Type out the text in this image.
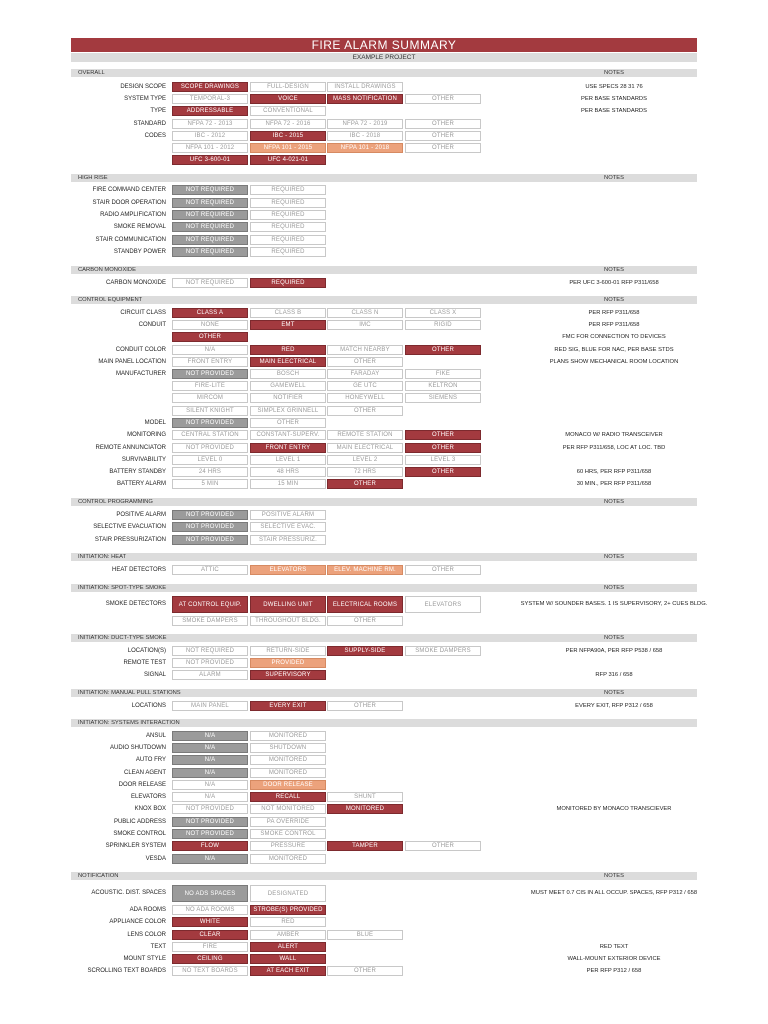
FIRE ALARM SUMMARY
EXAMPLE PROJECT
OVERALL	NOTES
DESIGN SCOPE	SCOPE DRAWINGS	FULL-DESIGN	INSTALL DRAWINGS	USE SPECS 28 31 76
SYSTEM TYPE	TEMPORAL-3	VOICE	MASS NOTIFICATION	OTHER	PER BASE STANDARDS
TYPE	ADDRESSABLE	CONVENTIONAL	PER BASE STANDARDS
STANDARD	NFPA 72 - 2013	NFPA 72 - 2016	NFPA 72 - 2019	OTHER
CODES	IBC - 2012	IBC - 2015	IBC - 2018	OTHER
NFPA 101 - 2012	NFPA 101 - 2015	NFPA 101 - 2018	OTHER
UFC 3-600-01	UFC 4-021-01
HIGH RISE	NOTES
FIRE COMMAND CENTER	NOT REQUIRED	REQUIRED
STAIR DOOR OPERATION	NOT REQUIRED	REQUIRED
RADIO AMPLIFICATION	NOT REQUIRED	REQUIRED
SMOKE REMOVAL	NOT REQUIRED	REQUIRED
STAIR COMMUNICATION	NOT REQUIRED	REQUIRED
STANDBY POWER	NOT REQUIRED	REQUIRED
CARBON MONOXIDE	NOTES
CARBON MONOXIDE	NOT REQUIRED	REQUIRED	PER UFC 3-600-01 RFP P311/658
CONTROL EQUIPMENT	NOTES
CIRCUIT CLASS	CLASS A	CLASS B	CLASS N	CLASS X	PER RFP P311/658
CONDUIT	NONE	EMT	IMC	RIGID	PER RFP P311/658
OTHER	FMC FOR CONNECTION TO DEVICES
CONDUIT COLOR	N/A	RED	MATCH NEARBY	OTHER	RED SIG, BLUE FOR NAC, PER BASE STDS
MAIN PANEL LOCATION	FRONT ENTRY	MAIN ELECTRICAL	OTHER	PLANS SHOW MECHANICAL ROOM LOCATION
MANUFACTURER	NOT PROVIDED	BOSCH	FARADAY	FIKE
FIRE-LITE	GAMEWELL	GE UTC	KELTRON
MIRCOM	NOTIFIER	HONEYWELL	SIEMENS
SILENT KNIGHT	SIMPLEX GRINNELL	OTHER
MODEL	NOT PROVIDED	OTHER
MONITORING	CENTRAL STATION	CONSTANT-SUPERV.	REMOTE STATION	OTHER	MONACO W/ RADIO TRANSCEIVER
REMOTE ANNUNCIATOR	NOT PROVIDED	FRONT ENTRY	MAIN ELECTRICAL	OTHER	PER RFP P311/658, LOC AT LOC. TBD
SURVIVABILITY	LEVEL 0	LEVEL 1	LEVEL 2	LEVEL 3
BATTERY STANDBY	24 HRS	48 HRS	72 HRS	OTHER	60 HRS, PER RFP P311/658
BATTERY ALARM	5 MIN	15 MIN	OTHER	30 MIN., PER RFP P311/658
CONTROL PROGRAMMING	NOTES
POSITIVE ALARM	NOT PROVIDED	POSITIVE ALARM
SELECTIVE EVACUATION	NOT PROVIDED	SELECTIVE EVAC.
STAIR PRESSURIZATION	NOT PROVIDED	STAIR PRESSURIZ.
INITIATION: HEAT	NOTES
HEAT DETECTORS	ATTIC	ELEVATORS	ELEV. MACHINE RM.	OTHER
INITIATION: SPOT-TYPE SMOKE	NOTES
SMOKE DETECTORS	AT CONTROL EQUIP.	DWELLING UNIT	ELECTRICAL ROOMS	ELEVATORS	SYSTEM W/ SOUNDER BASES. 1 IS SUPERVISORY, 2+ CUES BLDG.
SMOKE DAMPERS	THROUGHOUT BLDG.	OTHER
INITIATION: DUCT-TYPE SMOKE	NOTES
LOCATION(S)	NOT REQUIRED	RETURN-SIDE	SUPPLY-SIDE	SMOKE DAMPERS	PER NFPA90A, PER RFP P538 / 658
REMOTE TEST	NOT PROVIDED	PROVIDED
SIGNAL	ALARM	SUPERVISORY	RFP 316 / 658
INITIATION: MANUAL PULL STATIONS	NOTES
LOCATIONS	MAIN PANEL	EVERY EXIT	OTHER	EVERY EXIT, RFP P312 / 658
INITIATION: SYSTEMS INTERACTION
ANSUL	N/A	MONITORED
AUDIO SHUTDOWN	N/A	SHUTDOWN
AUTO FRY	N/A	MONITORED
CLEAN AGENT	N/A	MONITORED
DOOR RELEASE	N/A	DOOR RELEASE
ELEVATORS	N/A	RECALL	SHUNT
KNOX BOX	NOT PROVIDED	NOT MONITORED	MONITORED	MONITORED BY MONACO TRANSCIEVER
PUBLIC ADDRESS	NOT PROVIDED	PA OVERRIDE
SMOKE CONTROL	NOT PROVIDED	SMOKE CONTROL
SPRINKLER SYSTEM	FLOW	PRESSURE	TAMPER	OTHER
VESDA	N/A	MONITORED
NOTIFICATION	NOTES
ACOUSTIC. DIST. SPACES	NO ADS SPACES	DESIGNATED	MUST MEET 0.7 CIS IN ALL OCCUP. SPACES, RFP P312 / 658
ADA ROOMS	NO ADA ROOMS	STROBE(S) PROVIDED
APPLIANCE COLOR	WHITE	RED
LENS COLOR	CLEAR	AMBER	BLUE
TEXT	FIRE	ALERT	RED TEXT
MOUNT STYLE	CEILING	WALL	WALL-MOUNT EXTERIOR DEVICE
SCROLLING TEXT BOARDS	NO TEXT BOARDS	AT EACH EXIT	OTHER	PER RFP P312 / 658
